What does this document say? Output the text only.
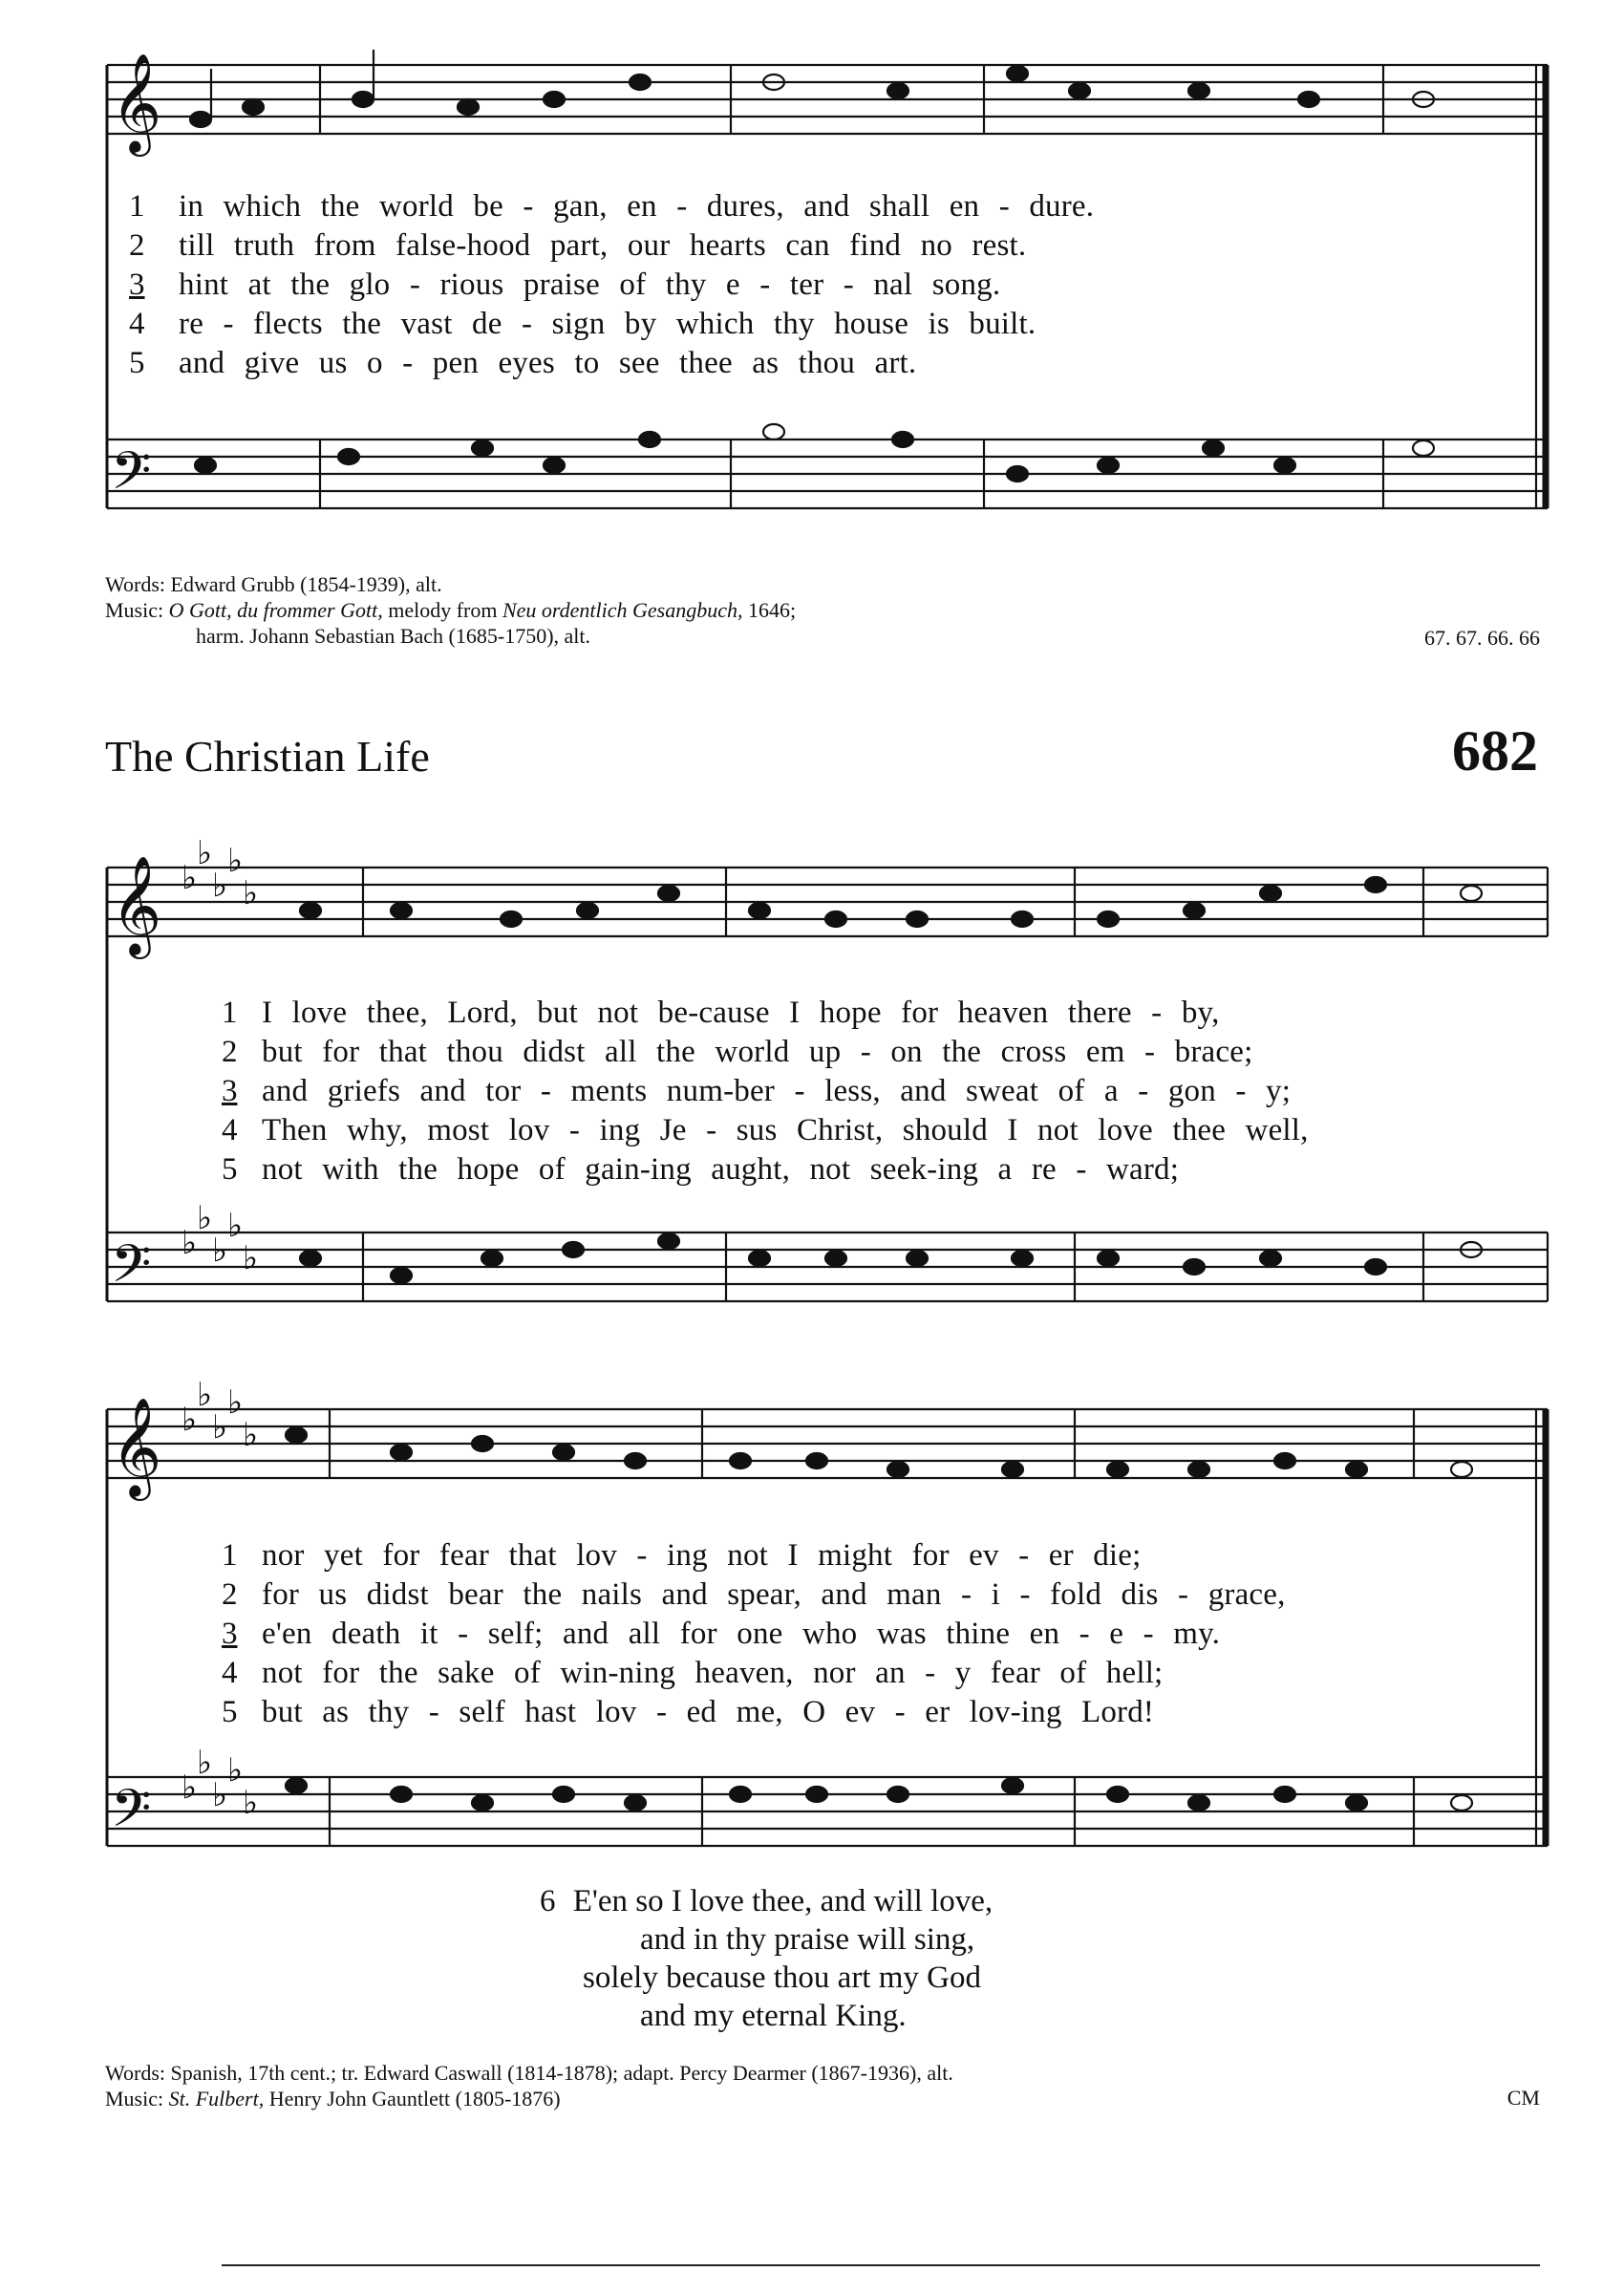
𝄞
𝄢
𝄞
𝄢
𝄞
𝄢
♭
♭
♭
♭
♭
♭
♭
♭
♭
♭
♭
♭
♭
♭
♭
♭
♭
♭
♭
♭
1 in which the world be - gan, en - dures, and shall en - dure.
2 till truth from false-hood part, our hearts can find no rest.
3 hint at the glo - rious praise of thy e - ter - nal song.
4 re - flects the vast de - sign by which thy house is built.
5 and give us o - pen eyes to see thee as thou art.
Words: Edward Grubb (1854-1939), alt.
Music: O Gott, du frommer Gott, melody from Neu ordentlich Gesangbuch, 1646;
harm. Johann Sebastian Bach (1685-1750), alt.	67. 67. 66. 66
The Christian Life	682
1 I love thee, Lord, but not be-cause I hope for heaven there - by,
2 but for that thou didst all the world up - on the cross em - brace;
3 and griefs and tor - ments num-ber - less, and sweat of a - gon - y;
4 Then why, most lov - ing Je - sus Christ, should I not love thee well,
5 not with the hope of gain-ing aught, not seek-ing a re - ward;
1 nor yet for fear that lov - ing not I might for ev - er die;
2 for us didst bear the nails and spear, and man - i - fold dis - grace,
3 e'en death it - self; and all for one who was thine en - e - my.
4 not for the sake of win-ning heaven, nor an - y fear of hell;
5 but as thy - self hast lov - ed me, O ev - er lov-ing Lord!
6 E'en so I love thee, and will love,
and in thy praise will sing,
solely because thou art my God
and my eternal King.
Words: Spanish, 17th cent.; tr. Edward Caswall (1814-1878); adapt. Percy Dearmer (1867-1936), alt.
Music: St. Fulbert, Henry John Gauntlett (1805-1876)	CM
